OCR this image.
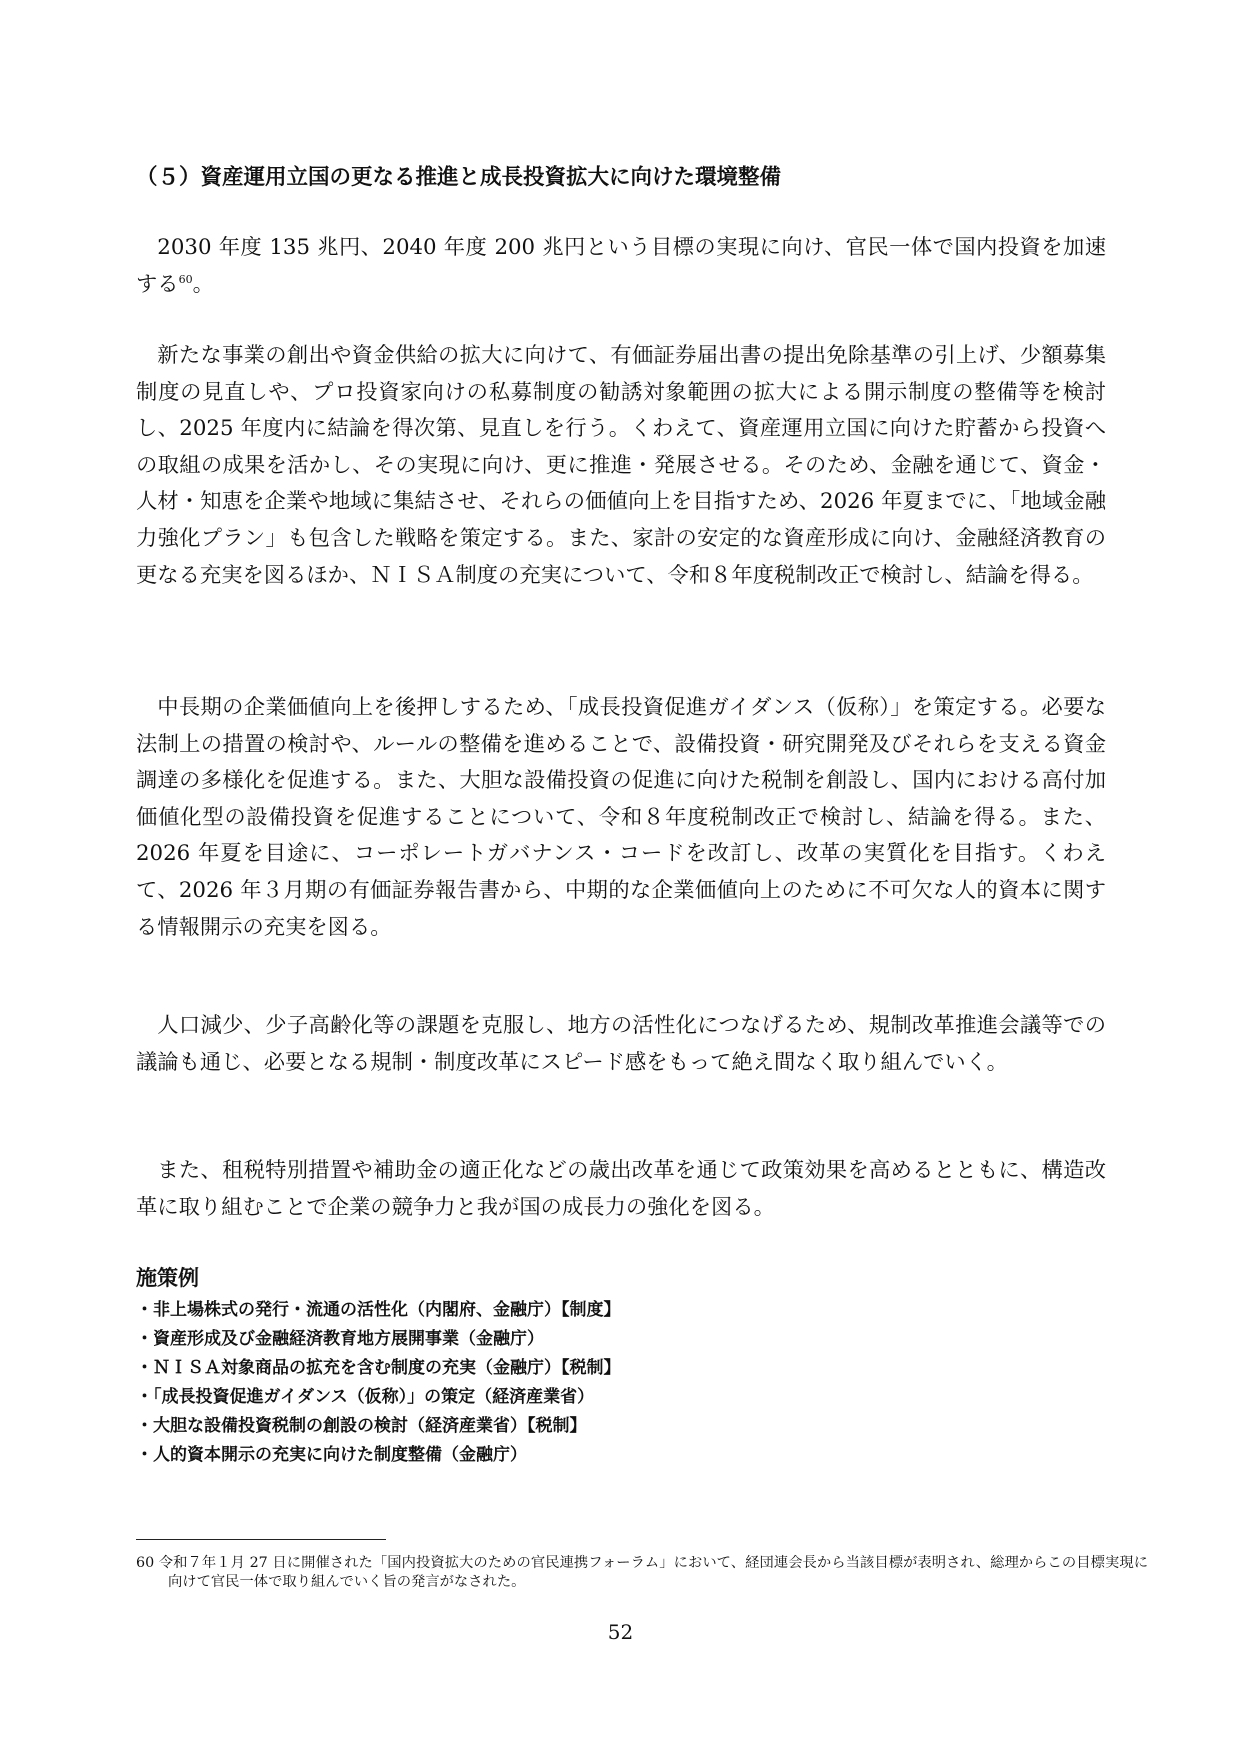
（５）資産運用立国の更なる推進と成長投資拡大に向けた環境整備

2030 年度 135 兆円、2040 年度 200 兆円という目標の実現に向け、官民一体で国内投資を加速する$^{60}$。

新たな事業の創出や資金供給の拡大に向けて、有価証券届出書の提出免除基準の引上げ、少額募集制度の見直しや、プロ投資家向けの私募制度の勧誘対象範囲の拡大による開示制度の整備等を検討し、2025 年度内に結論を得次第、見直しを行う。くわえて、資産運用立国に向けた貯蓄から投資への取組の成果を活かし、その実現に向け、更に推進・発展させる。そのため、金融を通じて、資金・人材・知恵を企業や地域に集結させ、それらの価値向上を目指すため、2026 年夏までに、「地域金融力強化プラン」も包含した戦略を策定する。また、家計の安定的な資産形成に向け、金融経済教育の更なる充実を図るほか、ＮＩＳＡ制度の充実について、令和８年度税制改正で検討し、結論を得る。

中長期の企業価値向上を後押しするため、「成長投資促進ガイダンス（仮称）」を策定する。必要な法制上の措置の検討や、ルールの整備を進めることで、設備投資・研究開発及びそれらを支える資金調達の多様化を促進する。また、大胆な設備投資の促進に向けた税制を創設し、国内における高付加価値化型の設備投資を促進することについて、令和８年度税制改正で検討し、結論を得る。また、2026 年夏を目途に、コーポレートガバナンス・コードを改訂し、改革の実質化を目指す。くわえて、2026 年３月期の有価証券報告書から、中期的な企業価値向上のために不可欠な人的資本に関する情報開示の充実を図る。

人口減少、少子高齢化等の課題を克服し、地方の活性化につなげるため、規制改革推進会議等での議論も通じ、必要となる規制・制度改革にスピード感をもって絶え間なく取り組んでいく。

また、租税特別措置や補助金の適正化などの歳出改革を通じて政策効果を高めるとともに、構造改革に取り組むことで企業の競争力と我が国の成長力の強化を図る。

施策例
・非上場株式の発行・流通の活性化（内閣府、金融庁）【制度】
・資産形成及び金融経済教育地方展開事業（金融庁）
・ＮＩＳＡ対象商品の拡充を含む制度の充実（金融庁）【税制】
・「成長投資促進ガイダンス（仮称）」の策定（経済産業省）
・大胆な設備投資税制の創設の検討（経済産業省）【税制】
・人的資本開示の充実に向けた制度整備（金融庁）
60 令和７年１月 27 日に開催された「国内投資拡大のための官民連携フォーラム」において、経団連会長から当該目標が表明され、総理からこの目標実現に向けて官民一体で取り組んでいく旨の発言がなされた。
52
